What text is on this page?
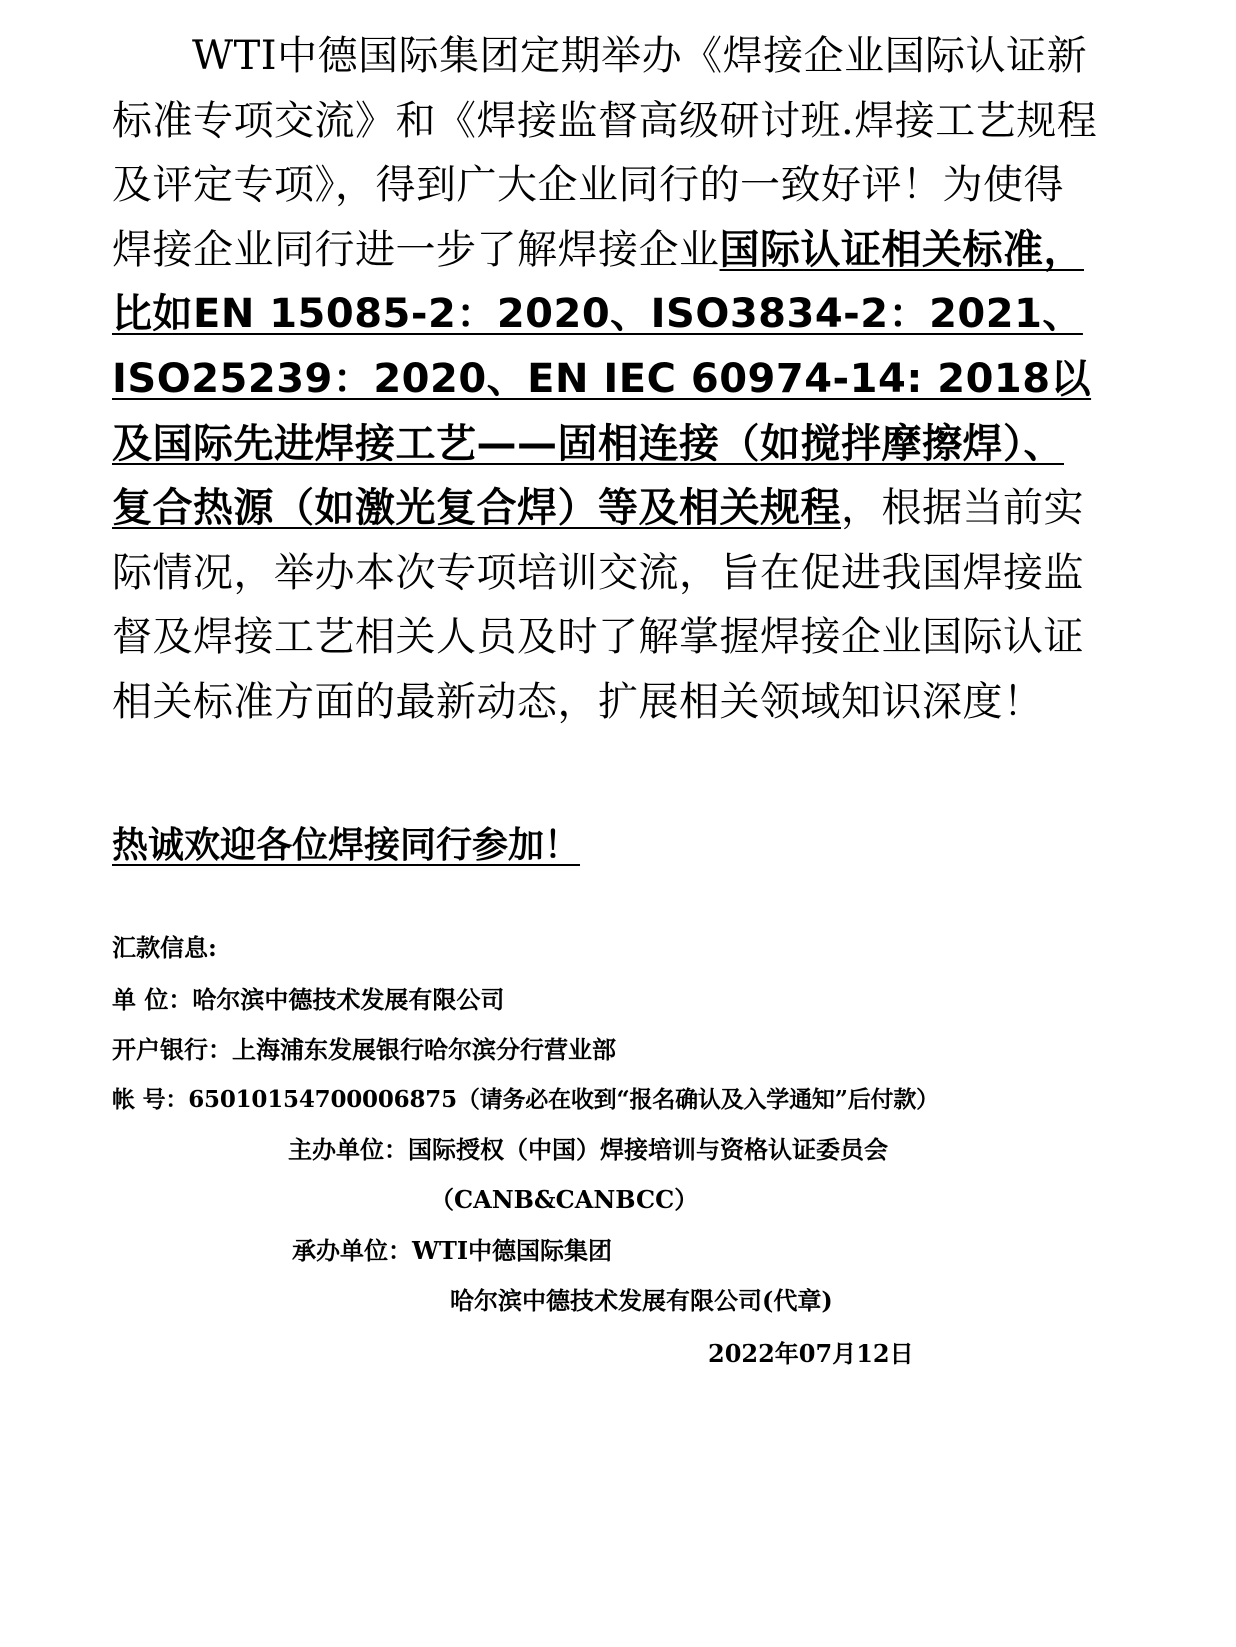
WTI中德国际集团定期举办《焊接企业国际认证新标准专项交流》和《焊接监督高级研讨班.焊接工艺规程及评定专项》，得到广大企业同行的一致好评！为使得焊接企业同行进一步了解焊接企业国际认证相关标准，比如EN 15085-2：2020、ISO3834-2：2021、ISO25239：2020、EN IEC 60974-14: 2018以及国际先进焊接工艺——固相连接（如搅拌摩擦焊）、复合热源（如激光复合焊）等及相关规程，根据当前实际情况，举办本次专项培训交流，旨在促进我国焊接监督及焊接工艺相关人员及时了解掌握焊接企业国际认证相关标准方面的最新动态，扩展相关领域知识深度！

热诚欢迎各位焊接同行参加！

汇款信息:
单 位：哈尔滨中德技术发展有限公司
开户银行：上海浦东发展银行哈尔滨分行营业部
帐 号：65010154700006875（请务必在收到“报名确认及入学通知”后付款）
主办单位：国际授权（中国）焊接培训与资格认证委员会
（CANB&CANBCC）
承办单位：WTI中德国际集团
哈尔滨中德技术发展有限公司(代章)
2022年07月12日
